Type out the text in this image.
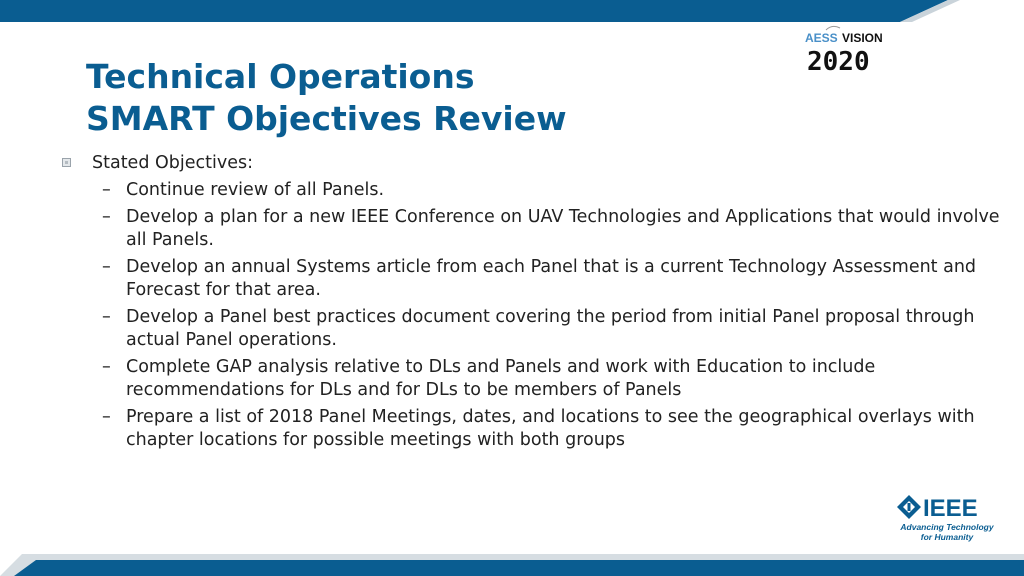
AESS VISION
2020
Technical Operations
SMART Objectives Review
Stated Objectives:
– Continue review of all Panels.
– Develop a plan for a new IEEE Conference on UAV Technologies and Applications that would involve all Panels.
– Develop an annual Systems article from each Panel that is a current Technology Assessment and Forecast for that area.
– Develop a Panel best practices document covering the period from initial Panel proposal through actual Panel operations.
– Complete GAP analysis relative to DLs and Panels and work with Education to include recommendations for DLs and for DLs to be members of Panels
– Prepare a list of 2018 Panel Meetings, dates, and locations to see the geographical overlays with chapter locations for possible meetings with both groups
IEEE
Advancing Technology
for Humanity
